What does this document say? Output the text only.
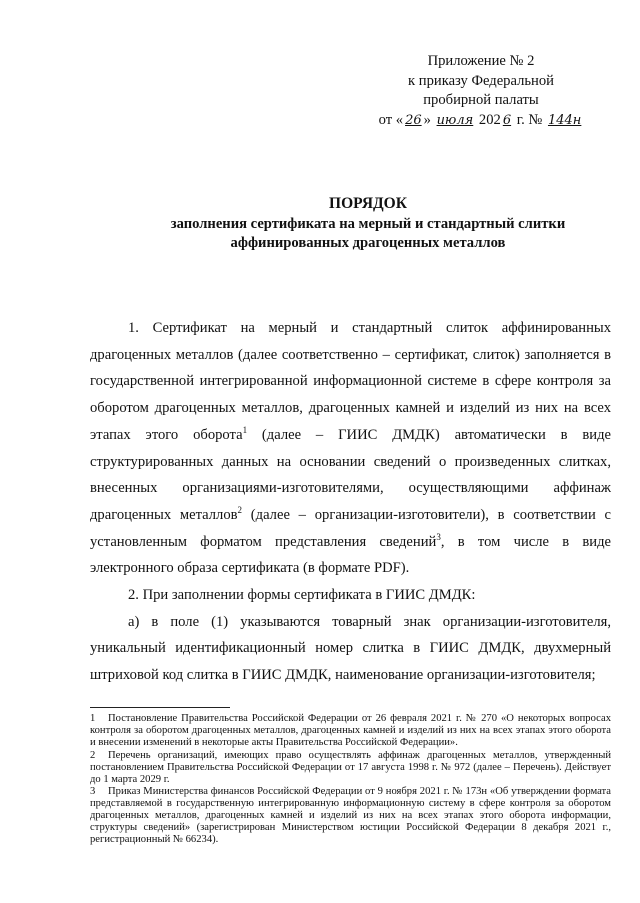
Приложение № 2
к приказу Федеральной
пробирной палаты
от « 26 » июля 202 6 г. № 144н
ПОРЯДОК
заполнения сертификата на мерный и стандартный слитки
аффинированных драгоценных металлов

1. Сертификат на мерный и стандартный слиток аффинированных драгоценных металлов (далее соответственно – сертификат, слиток) заполняется в государственной интегрированной информационной системе в сфере контроля за оборотом драгоценных металлов, драгоценных камней и изделий из них на всех этапах этого оборота$^1$ (далее – ГИИС ДМДК) автоматически в виде структурированных данных на основании сведений о произведенных слитках, внесенных организациями-изготовителями, осуществляющими аффинаж драгоценных металлов$^2$ (далее – организации-изготовители), в соответствии с установленным форматом представления сведений$^3$, в том числе в виде электронного образа сертификата (в формате PDF).

2. При заполнении формы сертификата в ГИИС ДМДК:

а) в поле (1) указываются товарный знак организации-изготовителя, уникальный идентификационный номер слитка в ГИИС ДМДК, двухмерный штриховой код слитка в ГИИС ДМДК, наименование организации-изготовителя;

1 Постановление Правительства Российской Федерации от 26 февраля 2021 г. № 270 «О некоторых вопросах контроля за оборотом драгоценных металлов, драгоценных камней и изделий из них на всех этапах этого оборота и внесении изменений в некоторые акты Правительства Российской Федерации».

2 Перечень организаций, имеющих право осуществлять аффинаж драгоценных металлов, утвержденный постановлением Правительства Российской Федерации от 17 августа 1998 г. № 972 (далее – Перечень). Действует до 1 марта 2029 г.

3 Приказ Министерства финансов Российской Федерации от 9 ноября 2021 г. № 173н «Об утверждении формата представляемой в государственную интегрированную информационную систему в сфере контроля за оборотом драгоценных металлов, драгоценных камней и изделий из них на всех этапах этого оборота информации, структуры сведений» (зарегистрирован Министерством юстиции Российской Федерации 8 декабря 2021 г., регистрационный № 66234).
